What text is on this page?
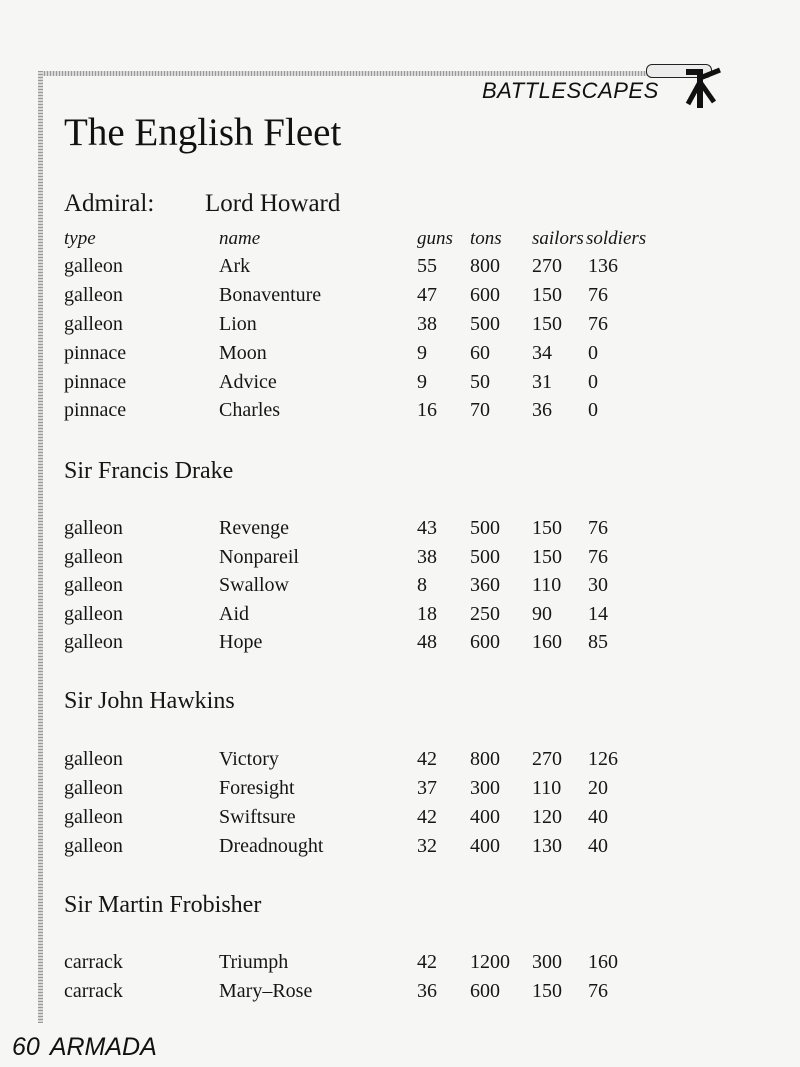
BATTLESCAPES
The English Fleet
Admiral: Lord Howard
type	name	guns tons sailors soldiers
galleon	Ark	55 800 270 136
galleon	Bonaventure	47 600 150 76
galleon	Lion	38 500 150 76
pinnace	Moon	9 60 34 0
pinnace	Advice	9 50 31 0
pinnace	Charles	16 70 36 0
Sir Francis Drake
galleon	Revenge	43 500 150 76
galleon	Nonpareil	38 500 150 76
galleon	Swallow	8 360 110 30
galleon	Aid	18 250 90 14
galleon	Hope	48 600 160 85
Sir John Hawkins
galleon	Victory	42 800 270 126
galleon	Foresight	37 300 110 20
galleon	Swiftsure	42 400 120 40
galleon	Dreadnought	32 400 130 40
Sir Martin Frobisher
carrack	Triumph	42 1200 300 160
carrack	Mary–Rose	36 600 150 76
60 ARMADA
